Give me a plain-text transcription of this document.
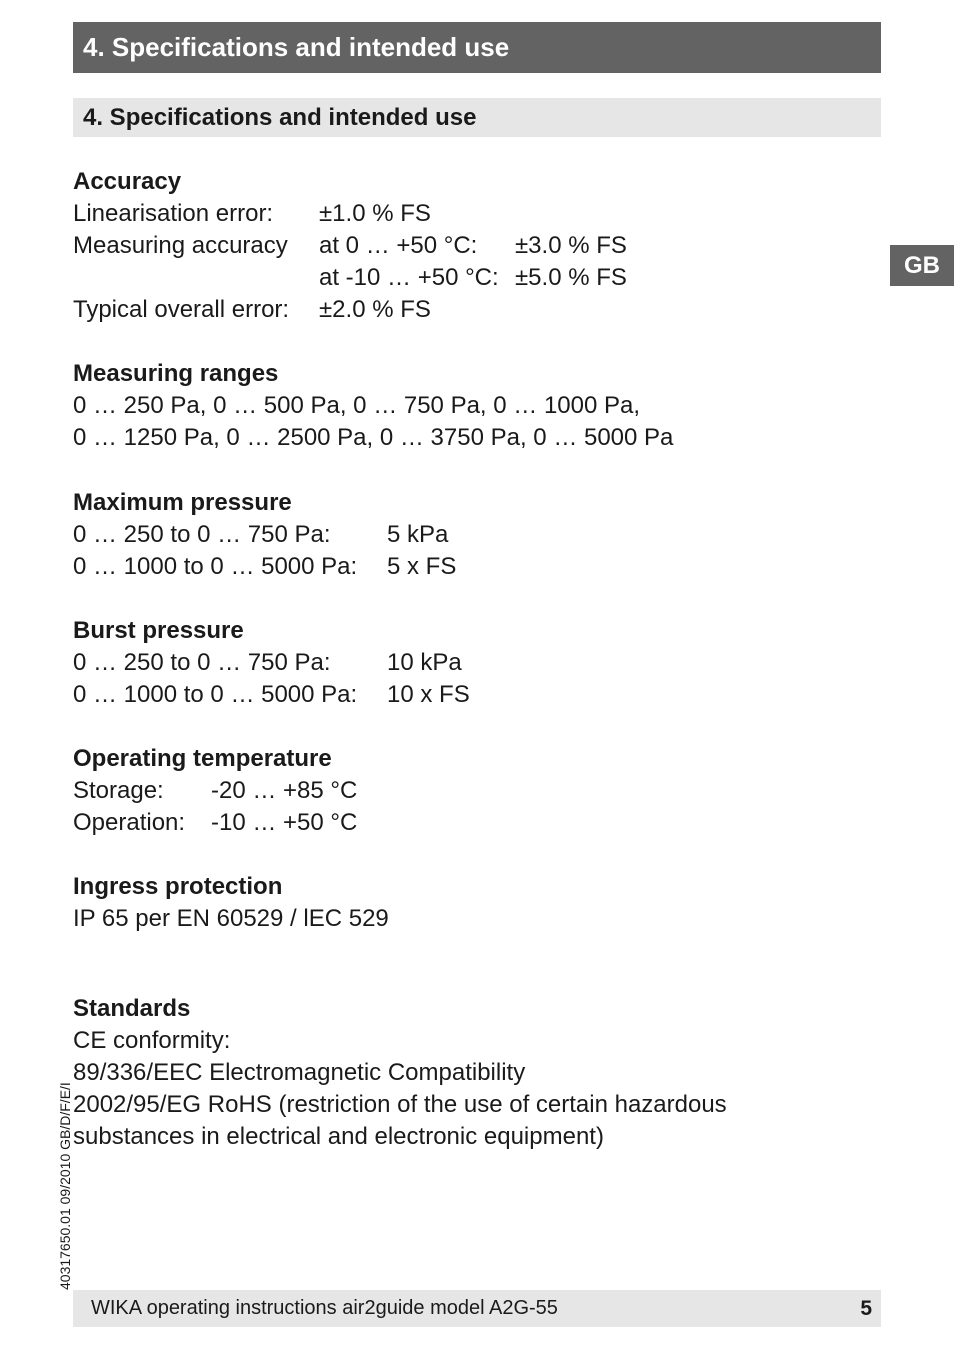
4. Specifications and intended use
4. Specifications and intended use
GB
Accuracy
Linearisation error: ±1.0 % FS
Measuring accuracy at 0 … +50 °C: ±3.0 % FS
at -10 … +50 °C: ±5.0 % FS
Typical overall error: ±2.0 % FS
Measuring ranges
0 … 250 Pa, 0 … 500 Pa, 0 … 750 Pa, 0 … 1000 Pa,
0 … 1250 Pa, 0 … 2500 Pa, 0 … 3750 Pa, 0 … 5000 Pa
Maximum pressure
0 … 250 to 0 … 750 Pa: 5 kPa
0 … 1000 to 0 … 5000 Pa: 5 x FS
Burst pressure
0 … 250 to 0 … 750 Pa: 10 kPa
0 … 1000 to 0 … 5000 Pa: 10 x FS
Operating temperature
Storage: -20 … +85 °C
Operation: -10 … +50 °C
Ingress protection
IP 65 per EN 60529 / lEC 529
Standards
CE conformity:
89/336/EEC Electromagnetic Compatibility
2002/95/EG RoHS (restriction of the use of certain hazardous
substances in electrical and electronic equipment)
40317650.01 09/2010 GB/D/F/E/I
WIKA operating instructions air2guide model A2G-55	5
